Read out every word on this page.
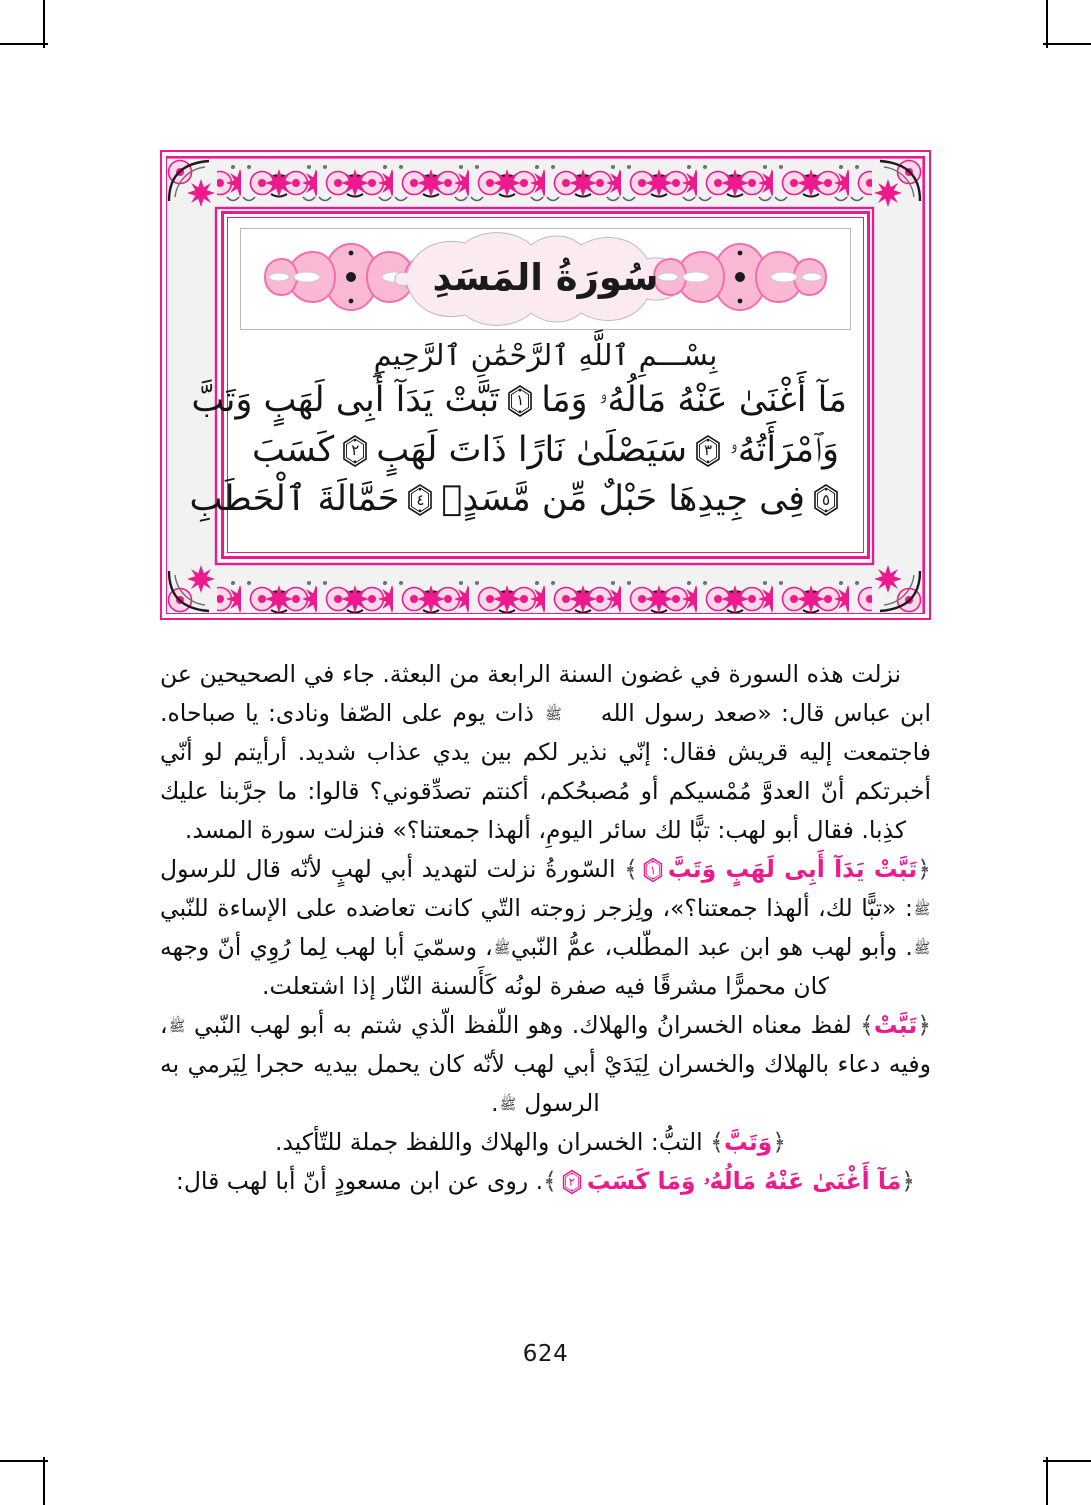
سُورَةُ المَسَدِ
بِسْـــمِ ٱللَّهِ ٱلرَّحْمَٰنِ ٱلرَّحِيمِ
مَآ أَغْنَىٰ عَنْهُ مَالُهُۥ وَمَا
١
تَبَّتْ يَدَآ أَبِى لَهَبٍ وَتَبَّ
وَٱمْرَأَتُهُۥ
٣
سَيَصْلَىٰ نَارًا ذَاتَ لَهَبٍ
٢
كَسَبَ
٥
فِى جِيدِهَا حَبْلٌ مِّن مَّسَدٍۭ
٤
حَمَّالَةَ ٱلْحَطَبِ

نزلت هذه السورة في غضون السنة الرابعة من البعثة. جاء في الصحيحين عن ابن عباس قال: «صعد رسول الله ﷺ ذات يوم على الصّفا ونادى: يا صباحاه. فاجتمعت إليه قريش فقال: إنّي نذير لكم بين يدي عذاب شديد. أرأيتم لو أنّي أخبرتكم أنّ العدوَّ مُمْسيكم أو مُصبحُكم، أكنتم تصدِّقوني؟ قالوا: ما جرَّبنا عليك كذِبا. فقال أبو لهب: تبًّا لك سائر اليومِ، ألهذا جمعتنا؟» فنزلت سورة المسد.

﴿تَبَّتْ يَدَآ أَبِى لَهَبٍ وَتَبَّ
١
﴾ السّورةُ نزلت لتهديد أبي لهبٍ لأنّه قال للرسول ﷺ: «تبًّا لك، ألهذا جمعتنا؟»، ولِزجر زوجته التّي كانت تعاضده على الإساءة للنّبي ﷺ. وأبو لهب هو ابن عبد المطّلب، عمُّ النّبيﷺ، وسمّيَ أبا لهب لِما رُوِي أنّ وجهه كان محمرًّا مشرقًا فيه صفرة لونُه كَأَلسنة النّار إذا اشتعلت.

﴿تَبَّتْ﴾ لفظ معناه الخسرانُ والهلاك. وهو اللّفظ الّذي شتم به أبو لهب النّبي ﷺ، وفيه دعاء بالهلاك والخسران لِيَدَيْ أبي لهب لأنّه كان يحمل بيديه حجرا لِيَرمي به الرسول ﷺ.

﴿وَتَبَّ﴾ التبُّ: الخسران والهلاك واللفظ جملة للتّأكيد.

﴿مَآ أَغْنَىٰ عَنْهُ مَالُهُۥ وَمَا كَسَبَ
٢
﴾. روى عن ابن مسعودٍ أنّ أبا لهب قال:

624
